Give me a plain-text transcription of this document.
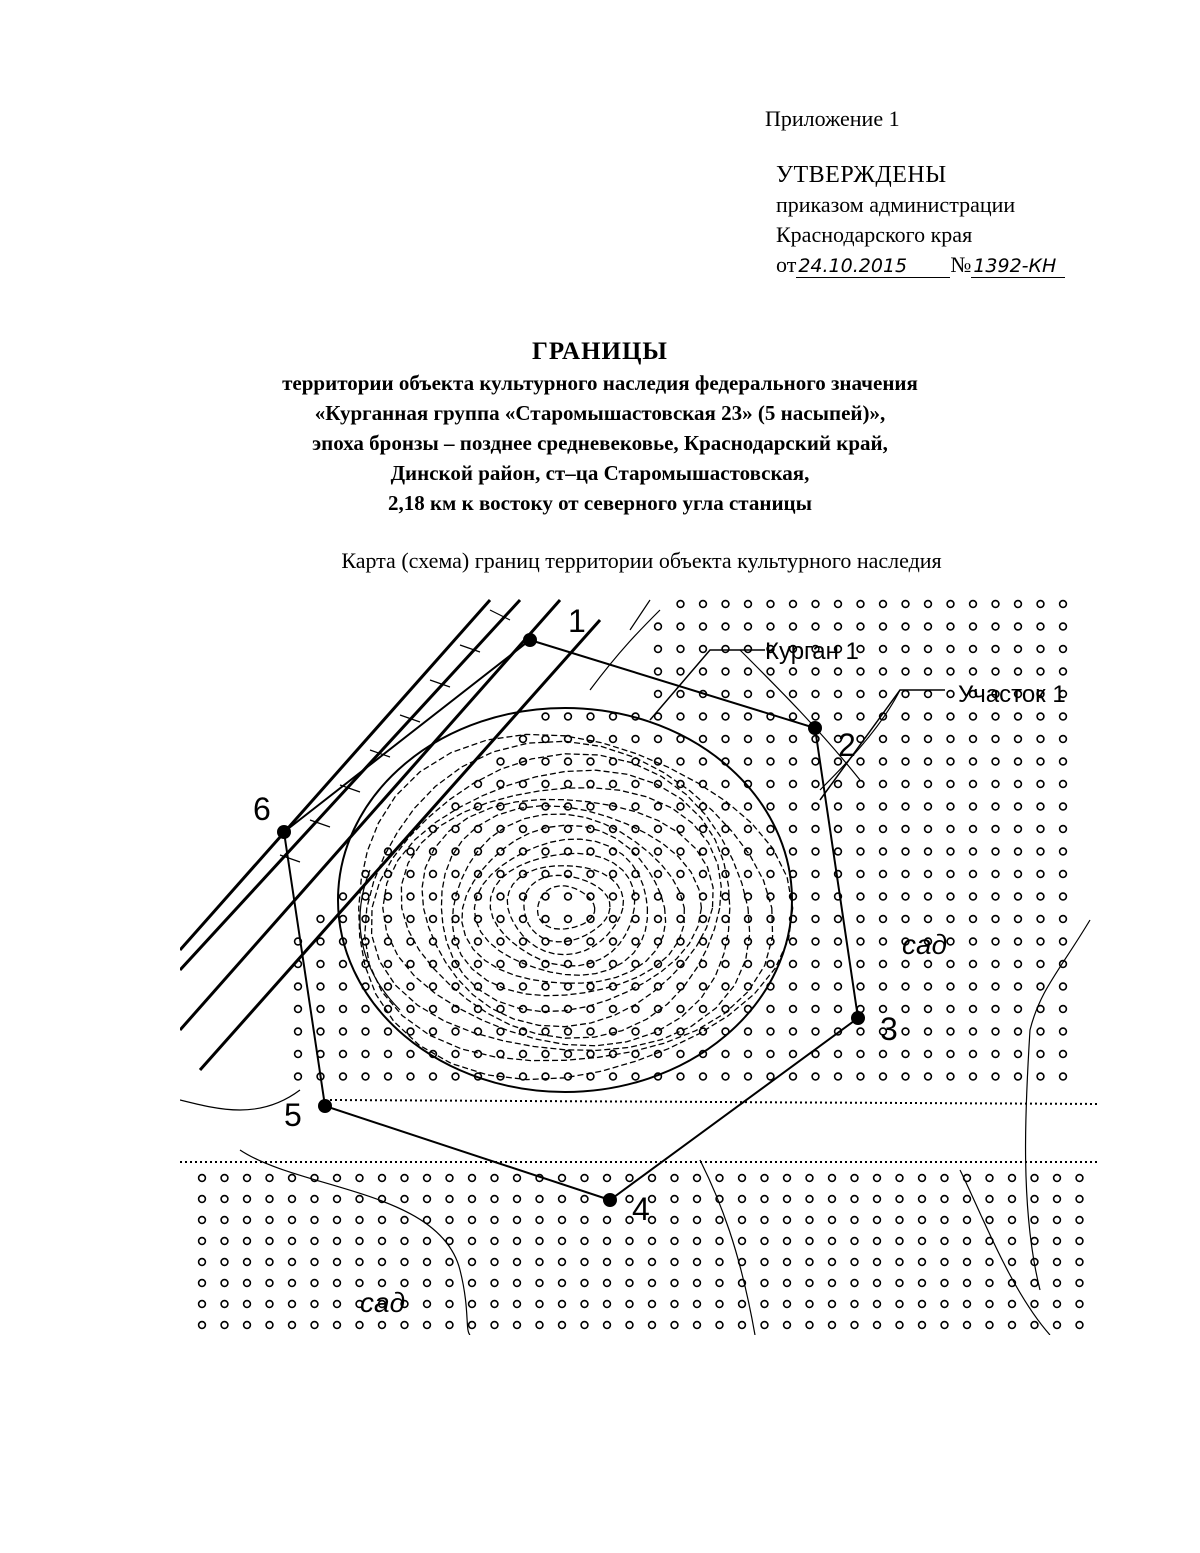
Приложение 1
УТВЕРЖДЕНЫ
приказом администрации
Краснодарского края
от 24.10.2015 № 1392-КН
ГРАНИЦЫ
территории объекта культурного наследия федерального значения
«Курганная группа «Старомышастовская 23» (5 насыпей)»,
эпоха бронзы – позднее средневековье, Краснодарский край,
Динской район, ст–ца Старомышастовская,
2,18 км к востоку от северного угла станицы
Карта (схема) границ территории объекта культурного наследия
1
2
3
4
5
6
Курган 1
Участок 1
сад
сад
